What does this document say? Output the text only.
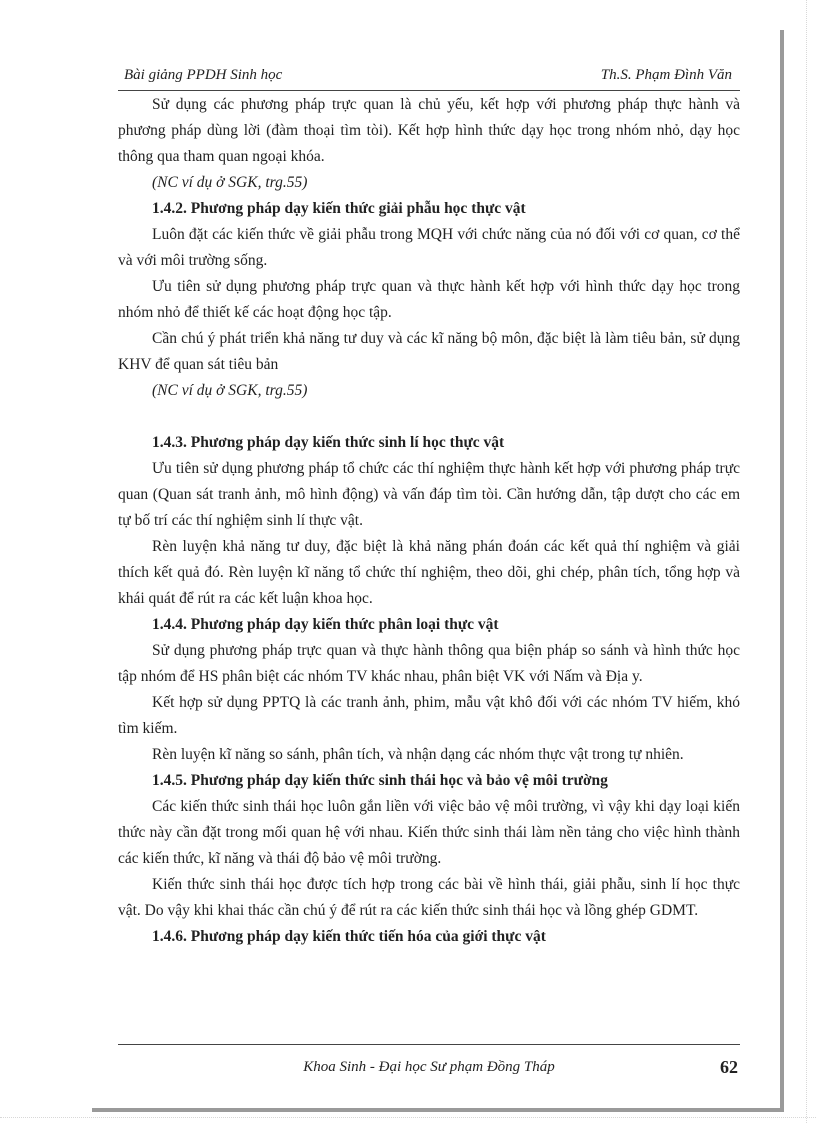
Bài giảng PPDH Sinh học	Th.S. Phạm Đình Văn

Sử dụng các phương pháp trực quan là chủ yếu, kết hợp với phương pháp thực hành và phương pháp dùng lời (đàm thoại tìm tòi). Kết hợp hình thức dạy học trong nhóm nhỏ, dạy học thông qua tham quan ngoại khóa.

(NC ví dụ ở SGK, trg.55)

1.4.2. Phương pháp dạy kiến thức giải phẫu học thực vật

Luôn đặt các kiến thức về giải phẫu trong MQH với chức năng của nó đối với cơ quan, cơ thể và với môi trường sống.

Ưu tiên sử dụng phương pháp trực quan và thực hành kết hợp với hình thức dạy học trong nhóm nhỏ để thiết kế các hoạt động học tập.

Cần chú ý phát triển khả năng tư duy và các kĩ năng bộ môn, đặc biệt là làm tiêu bản, sử dụng KHV để quan sát tiêu bản

(NC ví dụ ở SGK, trg.55)

1.4.3. Phương pháp dạy kiến thức sinh lí học thực vật

Ưu tiên sử dụng phương pháp tổ chức các thí nghiệm thực hành kết hợp với phương pháp trực quan (Quan sát tranh ảnh, mô hình động) và vấn đáp tìm tòi. Cần hướng dẫn, tập dượt cho các em tự bố trí các thí nghiệm sinh lí thực vật.

Rèn luyện khả năng tư duy, đặc biệt là khả năng phán đoán các kết quả thí nghiệm và giải thích kết quả đó. Rèn luyện kĩ năng tổ chức thí nghiệm, theo dõi, ghi chép, phân tích, tổng hợp và khái quát để rút ra các kết luận khoa học.

1.4.4. Phương pháp dạy kiến thức phân loại thực vật

Sử dụng phương pháp trực quan và thực hành thông qua biện pháp so sánh và hình thức học tập nhóm để HS phân biệt các nhóm TV khác nhau, phân biệt VK với Nấm và Địa y.

Kết hợp sử dụng PPTQ là các tranh ảnh, phim, mẫu vật khô đối với các nhóm TV hiếm, khó tìm kiếm.

Rèn luyện kĩ năng so sánh, phân tích, và nhận dạng các nhóm thực vật trong tự nhiên.

1.4.5. Phương pháp dạy kiến thức sinh thái học và bảo vệ môi trường

Các kiến thức sinh thái học luôn gắn liền với việc bảo vệ môi trường, vì vậy khi dạy loại kiến thức này cần đặt trong mối quan hệ với nhau. Kiến thức sinh thái làm nền tảng cho việc hình thành các kiến thức, kĩ năng và thái độ bảo vệ môi trường.

Kiến thức sinh thái học được tích hợp trong các bài về hình thái, giải phẫu, sinh lí học thực vật. Do vậy khi khai thác cần chú ý để rút ra các kiến thức sinh thái học và lồng ghép GDMT.

1.4.6. Phương pháp dạy kiến thức tiến hóa của giới thực vật
Khoa Sinh - Đại học Sư phạm Đồng Tháp	62
